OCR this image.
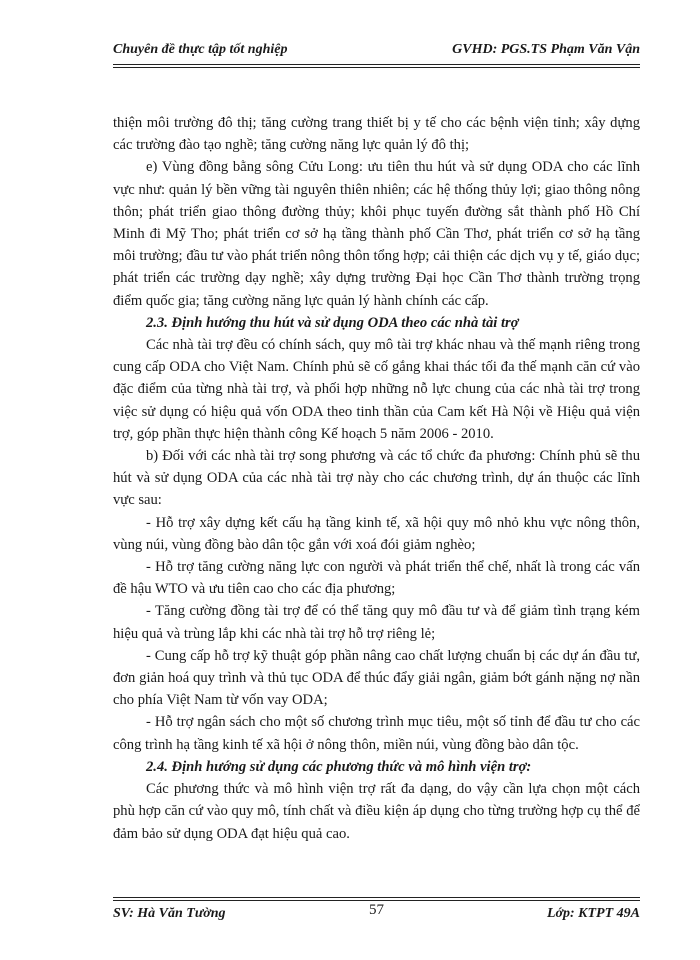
Chuyên đề thực tập tốt nghiệp	GVHD: PGS.TS Phạm Văn Vận

thiện môi trường đô thị; tăng cường trang thiết bị y tế cho các bệnh viện tỉnh; xây dựng các trường đào tạo nghề; tăng cường năng lực quản lý đô thị;

e) Vùng đồng bằng sông Cửu Long: ưu tiên thu hút và sử dụng ODA cho các lĩnh vực như: quản lý bền vững tài nguyên thiên nhiên; các hệ thống thủy lợi; giao thông nông thôn; phát triển giao thông đường thủy; khôi phục tuyến đường sắt thành phố Hồ Chí Minh đi Mỹ Tho; phát triển cơ sở hạ tầng thành phố Cần Thơ, phát triển cơ sở hạ tầng môi trường; đầu tư vào phát triển nông thôn tổng hợp; cải thiện các dịch vụ y tế, giáo dục; phát triển các trường dạy nghề; xây dựng trường Đại học Cần Thơ thành trường trọng điểm quốc gia; tăng cường năng lực quản lý hành chính các cấp.

2.3. Định hướng thu hút và sử dụng ODA theo các nhà tài trợ

Các nhà tài trợ đều có chính sách, quy mô tài trợ khác nhau và thế mạnh riêng trong cung cấp ODA cho Việt Nam. Chính phủ sẽ cố gắng khai thác tối đa thế mạnh căn cứ vào đặc điểm của từng nhà tài trợ, và phối hợp những nỗ lực chung của các nhà tài trợ trong việc sử dụng có hiệu quả vốn ODA theo tinh thần của Cam kết Hà Nội về Hiệu quả viện trợ, góp phần thực hiện thành công Kế hoạch 5 năm 2006 - 2010.

b) Đối với các nhà tài trợ song phương và các tổ chức đa phương: Chính phủ sẽ thu hút và sử dụng ODA của các nhà tài trợ này cho các chương trình, dự án thuộc các lĩnh vực sau:

- Hỗ trợ xây dựng kết cấu hạ tầng kinh tế, xã hội quy mô nhỏ khu vực nông thôn, vùng núi, vùng đồng bào dân tộc gắn với xoá đói giảm nghèo;

- Hỗ trợ tăng cường năng lực con người và phát triển thể chế, nhất là trong các vấn đề hậu WTO và ưu tiên cao cho các địa phương;

- Tăng cường đồng tài trợ để có thể tăng quy mô đầu tư và để giảm tình trạng kém hiệu quả và trùng lắp khi các nhà tài trợ hỗ trợ riêng lẻ;

- Cung cấp hỗ trợ kỹ thuật góp phần nâng cao chất lượng chuẩn bị các dự án đầu tư, đơn giản hoá quy trình và thủ tục ODA để thúc đẩy giải ngân, giảm bớt gánh nặng nợ nần cho phía Việt Nam từ vốn vay ODA;

- Hỗ trợ ngân sách cho một số chương trình mục tiêu, một số tỉnh để đầu tư cho các công trình hạ tầng kinh tế xã hội ở nông thôn, miền núi, vùng đồng bào dân tộc.

2.4. Định hướng sử dụng các phương thức và mô hình viện trợ:

Các phương thức và mô hình viện trợ rất đa dạng, do vậy cần lựa chọn một cách phù hợp căn cứ vào quy mô, tính chất và điều kiện áp dụng cho từng trường hợp cụ thể để đảm bảo sử dụng ODA đạt hiệu quả cao.

SV: Hà Văn Tường	57	Lớp: KTPT 49A
